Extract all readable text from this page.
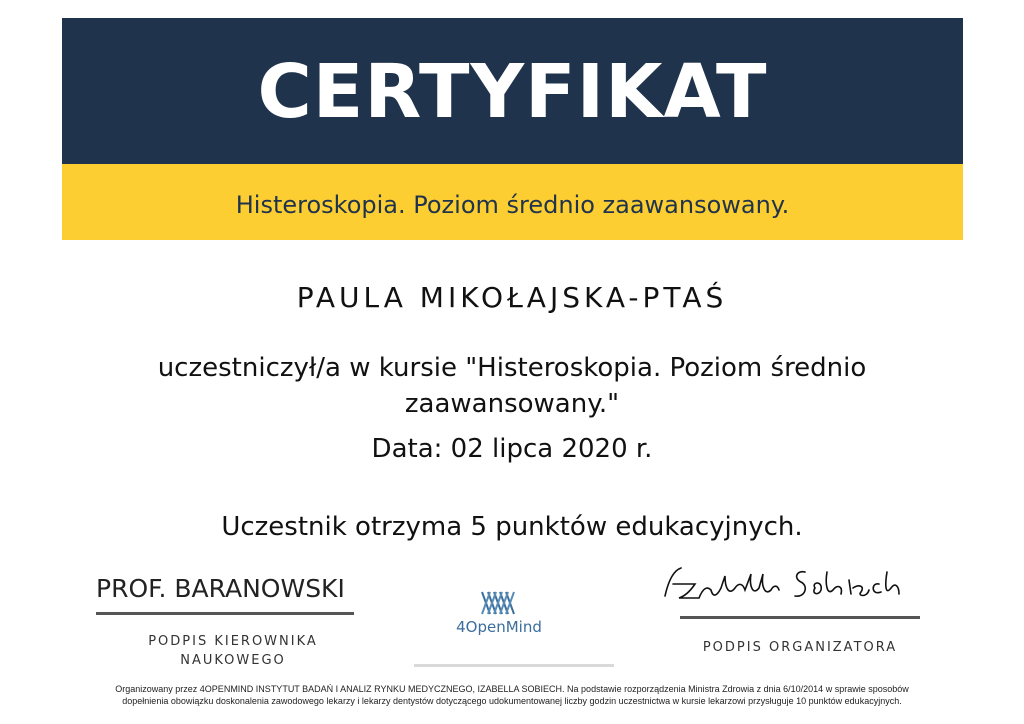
CERTYFIKAT
Histeroskopia. Poziom średnio zaawansowany.
PAULA MIKOŁAJSKA-PTAŚ
uczestniczył/a w kursie "Histeroskopia. Poziom średnio
zaawansowany."
Data: 02 lipca 2020 r.
Uczestnik otrzyma 5 punktów edukacyjnych.
PROF. BARANOWSKI
PODPIS KIEROWNIKA
NAUKOWEGO
4OpenMind
PODPIS ORGANIZATORA
Organizowany przez 4OPENMIND INSTYTUT BADAŃ I ANALIZ RYNKU MEDYCZNEGO, IZABELLA SOBIECH. Na podstawie rozporządzenia Ministra Zdrowia z dnia 6/10/2014 w sprawie sposobów
dopełnienia obowiązku doskonalenia zawodowego lekarzy i lekarzy dentystów dotyczącego udokumentowanej liczby godzin uczestnictwa w kursie lekarzowi przysługuje 10 punktów edukacyjnych.
